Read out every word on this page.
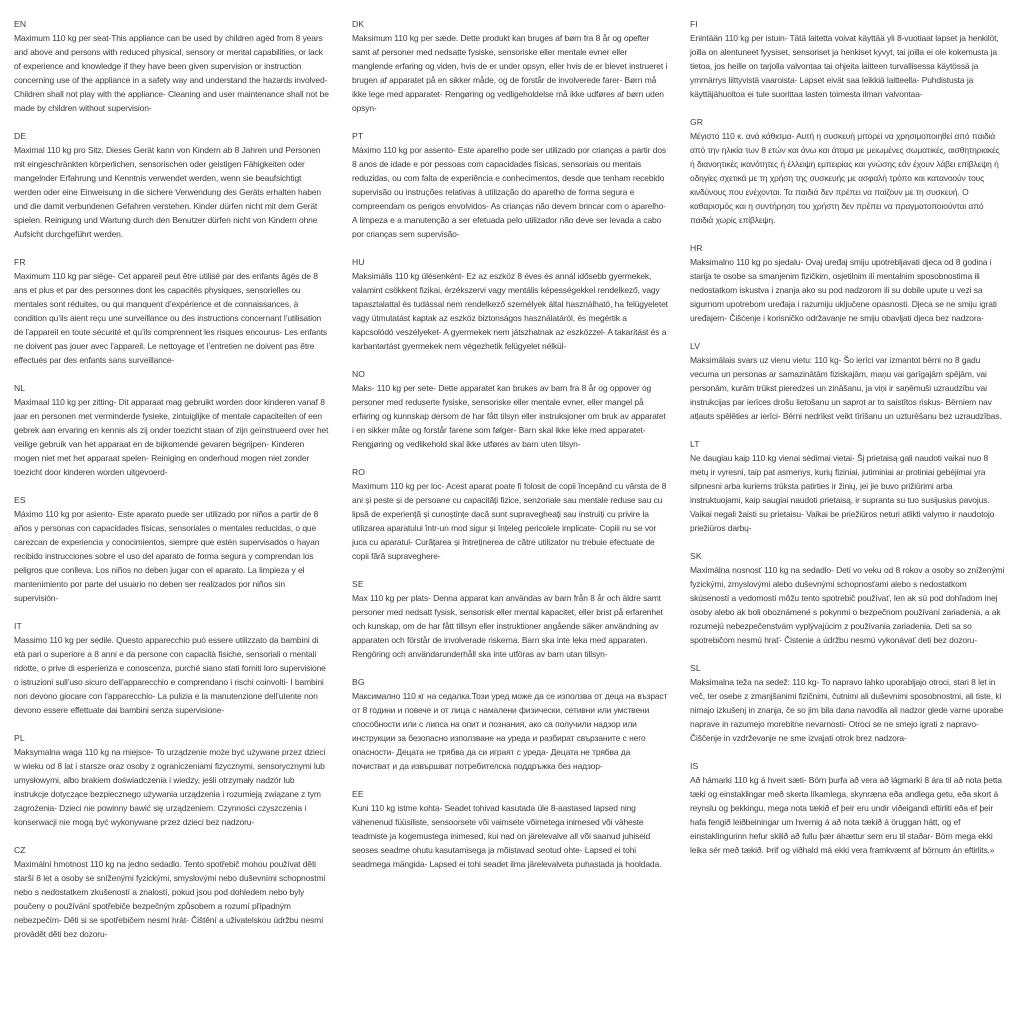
EN
Maximum 110 kg per seat-This appliance can be used by children aged from 8 years and above and persons with reduced physical, sensory or mental capabilities, or lack of experience and knowledge if they have been given supervision or instruction concerning use of the appliance in a safety way and understand the hazards involved- Children shall not play with the appliance- Cleaning and user maintenance shall not be made by children without supervision-
DE
Maximal 110 kg pro Sitz. Dieses Gerät kann von Kindern ab 8 Jahren und Personen mit eingeschränkten körperlichen, sensorischen oder geistigen Fähigkeiten oder mangelnder Erfahrung und Kenntnis verwendet werden, wenn sie beaufsichtigt werden oder eine Einweisung in die sichere Verwendung des Geräts erhalten haben und die damit verbundenen Gefahren verstehen. Kinder dürfen nicht mit dem Gerät spielen. Reinigung und Wartung durch den Benutzer dürfen nicht von Kindern ohne Aufsicht durchgeführt werden.
FR
Maximum 110 kg par siège- Cet appareil peut être utilisé par des enfants âgés de 8 ans et plus et par des personnes dont les capacités physiques, sensorielles ou mentales sont réduites, ou qui manquent d’expérience et de connaissances, à condition qu’ils aient reçu une surveillance ou des instructions concernant l’utilisation de l’appareil en toute sécurité et qu’ils comprennent les risques encourus- Les enfants ne doivent pas jouer avec l’appareil. Le nettoyage et l’entretien ne doivent pas être effectués par des enfants sans surveillance-
NL
Maximaal 110 kg per zitting- Dit apparaat mag gebruikt worden door kinderen vanaf 8 jaar en personen met verminderde fysieke, zintuiglijke of mentale capaciteiten of een gebrek aan ervaring en kennis als zij onder toezicht staan of zijn geïnstrueerd over het veilige gebruik van het apparaat en de bijkomende gevaren begrijpen- Kinderen mogen niet met het apparaat spelen- Reiniging en onderhoud mogen niet zonder toezicht door kinderen worden uitgevoerd-
ES
Máximo 110 kg por asiento- Este aparato puede ser utilizado por niños a partir de 8 años y personas con capacidades físicas, sensoriales o mentales reducidas, o que carezcan de experiencia y conocimientos, siempre que estén supervisados o hayan recibido instrucciones sobre el uso del aparato de forma segura y comprendan los peligros que conlleva. Los niños no deben jugar con el aparato. La limpieza y el mantenimiento por parte del usuario no deben ser realizados por niños sin supervisión-
IT
Massimo 110 kg per sedile. Questo apparecchio può essere utilizzato da bambini di età pari o superiore a 8 anni e da persone con capacità fisiche, sensoriali o mentali ridotte, o prive di esperienza e conoscenza, purché siano stati forniti loro supervisione o istruzioni sull’uso sicuro dell’apparecchio e comprendano i rischi coinvolti- I bambini non devono giocare con l’apparecchio- La pulizia e la manutenzione dell’utente non devono essere effettuate dai bambini senza supervisione-
PL
Maksymalna waga 110 kg na miejsce- To urządzenie może być używane przez dzieci w wieku od 8 lat i starsze oraz osoby z ograniczeniami fizycznymi, sensorycznymi lub umysłowymi, albo brakiem doświadczenia i wiedzy, jeśli otrzymały nadzór lub instrukcje dotyczące bezpiecznego używania urządzenia i rozumieją związane z tym zagrożenia- Dzieci nie powinny bawić się urządzeniem. Czynności czyszczenia i konserwacji nie mogą być wykonywane przez dzieci bez nadzoru-
CZ
Maximální hmotnost 110 kg na jedno sedadlo. Tento spotřebič mohou používat děti starší 8 let a osoby se sníženými fyzickými, smyslovými nebo duševními schopnostmi nebo s nedostatkem zkušeností a znalostí, pokud jsou pod dohledem nebo byly poučeny o používání spotřebiče bezpečným způsobem a rozumí případným nebezpečím- Děti si se spotřebičem nesmí hrát- Čištění a uživatelskou údržbu nesmí provádět děti bez dozoru-
DK
Maksimum 110 kg per sæde. Dette produkt kan bruges af børn fra 8 år og opefter samt af personer med nedsatte fysiske, sensoriske eller mentale evner eller manglende erfaring og viden, hvis de er under opsyn, eller hvis de er blevet instrueret i brugen af apparatet på en sikker måde, og de forstår de involverede farer- Børn må ikke lege med apparatet- Rengøring og vedligeholdelse må ikke udføres af børn uden opsyn-
PT
Máximo 110 kg por assento- Este aparelho pode ser utilizado por crianças a partir dos 8 anos de idade e por pessoas com capacidades físicas, sensoriais ou mentais reduzidas, ou com falta de experiência e conhecimentos, desde que tenham recebido supervisão ou instruções relativas à utilização do aparelho de forma segura e compreendam os perigos envolvidos- As crianças não devem brincar com o aparelho- A limpeza e a manutenção a ser efetuada pelo utilizador não deve ser levada a cabo por crianças sem supervisão-
HU
Maksimális 110 kg ülésenként- Ez az eszköz 8 éves és annál idősebb gyermekek, valamint csökkent fizikai, érzékszervi vagy mentális képességekkel rendelkező, vagy tapasztalattal és tudással nem rendelkező személyek által használható, ha felügyeletet vagy útmutatást kaptak az eszköz biztonságos használatáról, és megértik a kapcsolódó veszélyeket- A gyermekek nem játszhatnak az eszközzel- A takarítást és a karbantartást gyermekek nem végezhetik felügyelet nélkül-
NO
Maks- 110 kg per sete- Dette apparatet kan brukes av barn fra 8 år og oppover og personer med reduserte fysiske, sensoriske eller mentale evner, eller mangel på erfaring og kunnskap dersom de har fått tilsyn eller instruksjoner om bruk av apparatet i en sikker måte og forstår farene som følger- Barn skal ikke leke med apparatet- Rengjøring og vedlikehold skal ikke utføres av barn uten tilsyn-
RO
Maximum 110 kg per loc- Acest aparat poate fi folosit de copii începând cu vârsta de 8 ani și peste și de persoane cu capacități fizice, senzoriale sau mentale reduse sau cu lipsă de experiență și cunoștințe dacă sunt supravegheați sau instruiți cu privire la utilizarea aparatului într-un mod sigur și înțeleg pericolele implicate- Copiii nu se vor juca cu aparatul- Curățarea și întreținerea de către utilizator nu trebuie efectuate de copii fără supraveghere-
SE
Max 110 kg per plats- Denna apparat kan användas av barn från 8 år och äldre samt personer med nedsatt fysisk, sensorisk eller mental kapacitet, eller brist på erfarenhet och kunskap, om de har fått tillsyn eller instruktioner angående säker användning av apparaten och förstår de involverade riskerna. Barn ska inte leka med apparaten. Rengöring och användarunderhåll ska inte utföras av barn utan tillsyn-
BG
Максимално 110 кг на седалка.Този уред може да се използва от деца на възраст от 8 години и повече и от лица с намалени физически, сетивни или умствени способности или с липса на опит и познания, ако са получили надзор или инструкции за безопасно използване на уреда и разбират свързаните с него опасности- Децата не трябва да си играят с уреда- Децата не трябва да почистват и да извършват потребителска поддръжка без надзор-
EE
Kuni 110 kg istme kohta- Seadet tohivad kasutada üle 8-aastased lapsed ning vähenenud füüsiliste, sensoorsete või vaimsete võimetega inimesed või väheste teadmiste ja kogemustega inimesed, kui nad on järelevalve all või saanud juhiseid seoses seadme ohutu kasutamisega ja mõistavad seotud ohte- Lapsed ei tohi seadmega mängida- Lapsed ei tohi seadet ilma järelevalveta puhastada ja hooldada.
FI
Enintään 110 kg per istuin- Tätä laitetta voivat käyttää yli 8-vuotiaat lapset ja henkilöt, joilla on alentuneet fyysiset, sensoriset ja henkiset kyvyt, tai joilla ei ole kokemusta ja tietoa, jos heille on tarjolla valvontaa tai ohjeita laitteen turvallisessa käytössä ja ymmärrys liittyvistä vaaroista- Lapset eivät saa leikkiä laitteella- Puhdistusta ja käyttäjähuoltoa ei tule suorittaa lasten toimesta ilman valvontaa-
GR
Μέγιστο 110 κ. ανά κάθισμα- Αυτή η συσκευή μπορεί να χρησιμοποιηθεί από παιδιά από την ηλικία των 8 ετών και άνω και άτομα με μειωμένες σωματικές, αισθητηριακές ή διανοητικές ικανότητες ή έλλειψη εμπειρίας και γνώσης εάν έχουν λάβει επίβλεψη ή οδηγίες σχετικά με τη χρήση της συσκευής με ασφαλή τρόπο και κατανοούν τους κινδύνους που ενέχονται. Τα παιδιά δεν πρέπει να παίζουν με τη συσκευή. Ο καθαρισμός και η συντήρηση του χρήστη δεν πρέπει να πραγματοποιούνται από παιδιά χωρίς επίβλεψη.
HR
Maksimalno 110 kg po sjedalu- Ovaj uređaj smiju upotrebljavati djeca od 8 godina i starija te osobe sa smanjenim fizičkim, osjetilnim ili mentalnim sposobnostima ili nedostatkom iskustva i znanja ako su pod nadzorom ili su dobile upute u vezi sa sigurnom upotrebom uređaja i razumiju uključene opasnosti. Djeca se ne smiju igrati uređajem- Čišćenje i korisničko održavanje ne smiju obavljati djeca bez nadzora-
LV
Maksimālais svars uz vienu vietu: 110 kg- Šo ierīci var izmantot bērni no 8 gadu vecuma un personas ar samazinātām fiziskajām, maņu vai garīgajām spējām, vai personām, kurām trūkst pieredzes un zināšanu, ja viņi ir saņēmuši uzraudzību vai instrukcijas par ierīces drošu lietošanu un saprot ar to saistītos riskus- Bērniem nav atļauts spēlēties ar ierīci- Bērni nedrīkst veikt tīrīšanu un uzturēšanu bez uzraudzības.
LT
Ne daugiau kaip 110 kg vienai sėdimai vietai- Šį prietaisą gali naudoti vaikai nuo 8 metų ir vyresni, taip pat asmenys, kurių fiziniai, jutiminiai ar protiniai gebėjimai yra silpnesni arba kuriems trūksta patirties ir žinių, jei jie buvo prižiūrimi arba instruktuojami, kaip saugiai naudoti prietaisą, ir supranta su tuo susijusius pavojus. Vaikai negali žaisti su prietaisu- Vaikai be priežiūros neturi atlikti valymo ir naudotojo priežiūros darbų-
SK
Maximálna nosnosť 110 kg na sedadlo- Deti vo veku od 8 rokov a osoby so zníženými fyzickými, zmyslovými alebo duševnými schopnosťami alebo s nedostatkom skúseností a vedomostí môžu tento spotrebič používať, len ak sú pod dohľadom inej osoby alebo ak boli oboznámené s pokynmi o bezpečnom používaní zariadenia, a ak rozumejú nebezpečenstvám vyplývajúcim z používania zariadenia. Deti sa so spotrebičom nesmú hrať- Čistenie a údržbu nesmú vykonávať deti bez dozoru-
SL
Maksimalna teža na sedež: 110 kg- To napravo lahko uporabljajo otroci, stari 8 let in več, ter osebe z zmanjšanimi fizičnimi, čutnimi ali duševnimi sposobnostmi, ali tiste, ki nimajo izkušenj in znanja, če so jim bila dana navodila ali nadzor glede varne uporabe naprave in razumejo morebitne nevarnosti- Otroci se ne smejo igrati z napravo- Čiščenje in vzdrževanje ne sme izvajati otrok brez nadzora-
IS
Að hámarki 110 kg á hvert sæti- Börn þurfa að vera að lágmarki 8 ára til að nota þetta tæki og einstaklingar með skerta líkamlega, skynræna eða andlega getu, eða skort á reynslu og þekkingu, mega nota tækið ef þeir eru undir viðeigandi eftirliti eða ef þeir hafa fengið leiðbeiningar um hvernig á að nota tækið á öruggan hátt, og ef einstaklingurinn hefur skilið að fullu þær áhættur sem eru til staðar- Börn mega ekki leika sér með tækið. Þrif og viðhald má ekki vera framkvæmt af börnum án eftirlits.»
